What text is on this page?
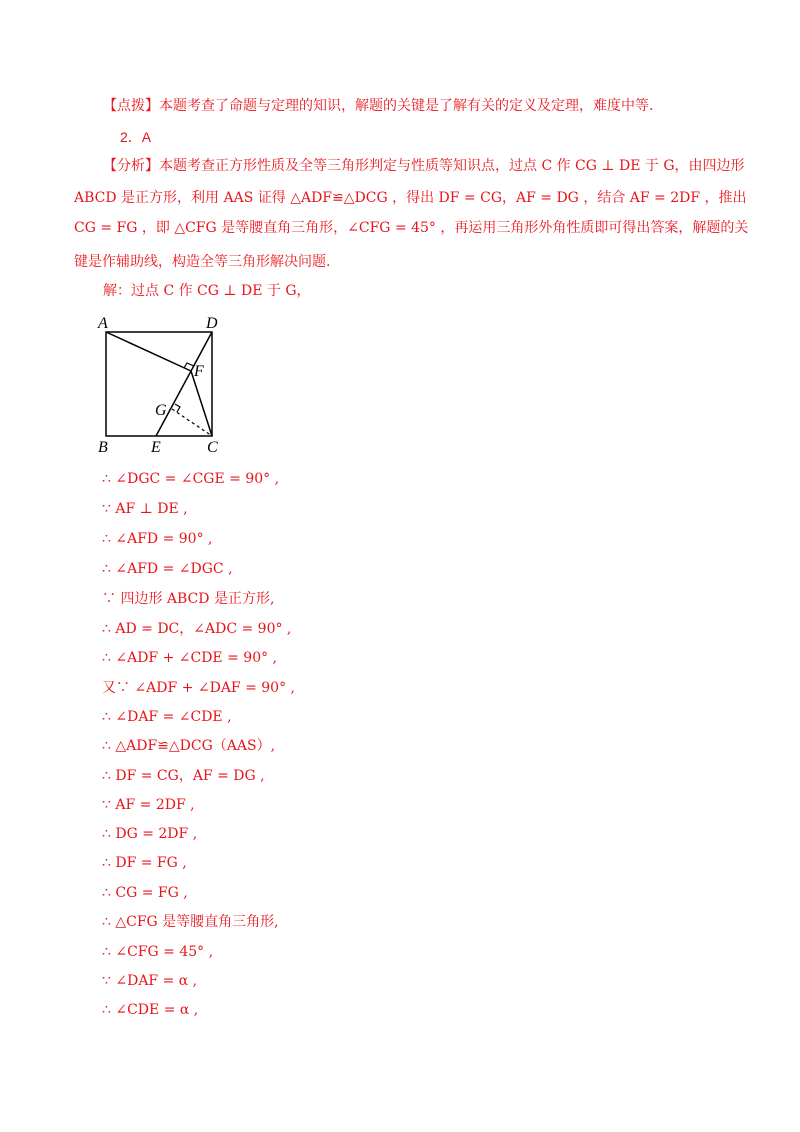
【点拨】本题考查了命题与定理的知识，解题的关键是了解有关的定义及定理，难度中等.
2．A
【分析】本题考查正方形性质及全等三角形判定与性质等知识点，过点 C 作 CG ⊥ DE 于 G，由四边形
ABCD 是正方形，利用 AAS 证得 △ADF≌△DCG ，得出 DF = CG，AF = DG ，结合 AF = 2DF ，推出
CG = FG ，即 △CFG 是等腰直角三角形，∠CFG = 45° ，再运用三角形外角性质即可得出答案，解题的关
键是作辅助线，构造全等三角形解决问题.
解：过点 C 作 CG ⊥ DE 于 G，
A	D
F
G
B	E	C
∴ ∠DGC = ∠CGE = 90° ,
∵ AF ⊥ DE ,
∴ ∠AFD = 90° ,
∴ ∠AFD = ∠DGC ,
∵ 四边形 ABCD 是正方形,
∴ AD = DC，∠ADC = 90° ,
∴ ∠ADF + ∠CDE = 90° ,
又∵ ∠ADF + ∠DAF = 90° ,
∴ ∠DAF = ∠CDE ,
∴ △ADF≌△DCG（AAS）,
∴ DF = CG，AF = DG ,
∵ AF = 2DF ,
∴ DG = 2DF ,
∴ DF = FG ,
∴ CG = FG ,
∴ △CFG 是等腰直角三角形,
∴ ∠CFG = 45° ,
∵ ∠DAF = α ,
∴ ∠CDE = α ,
